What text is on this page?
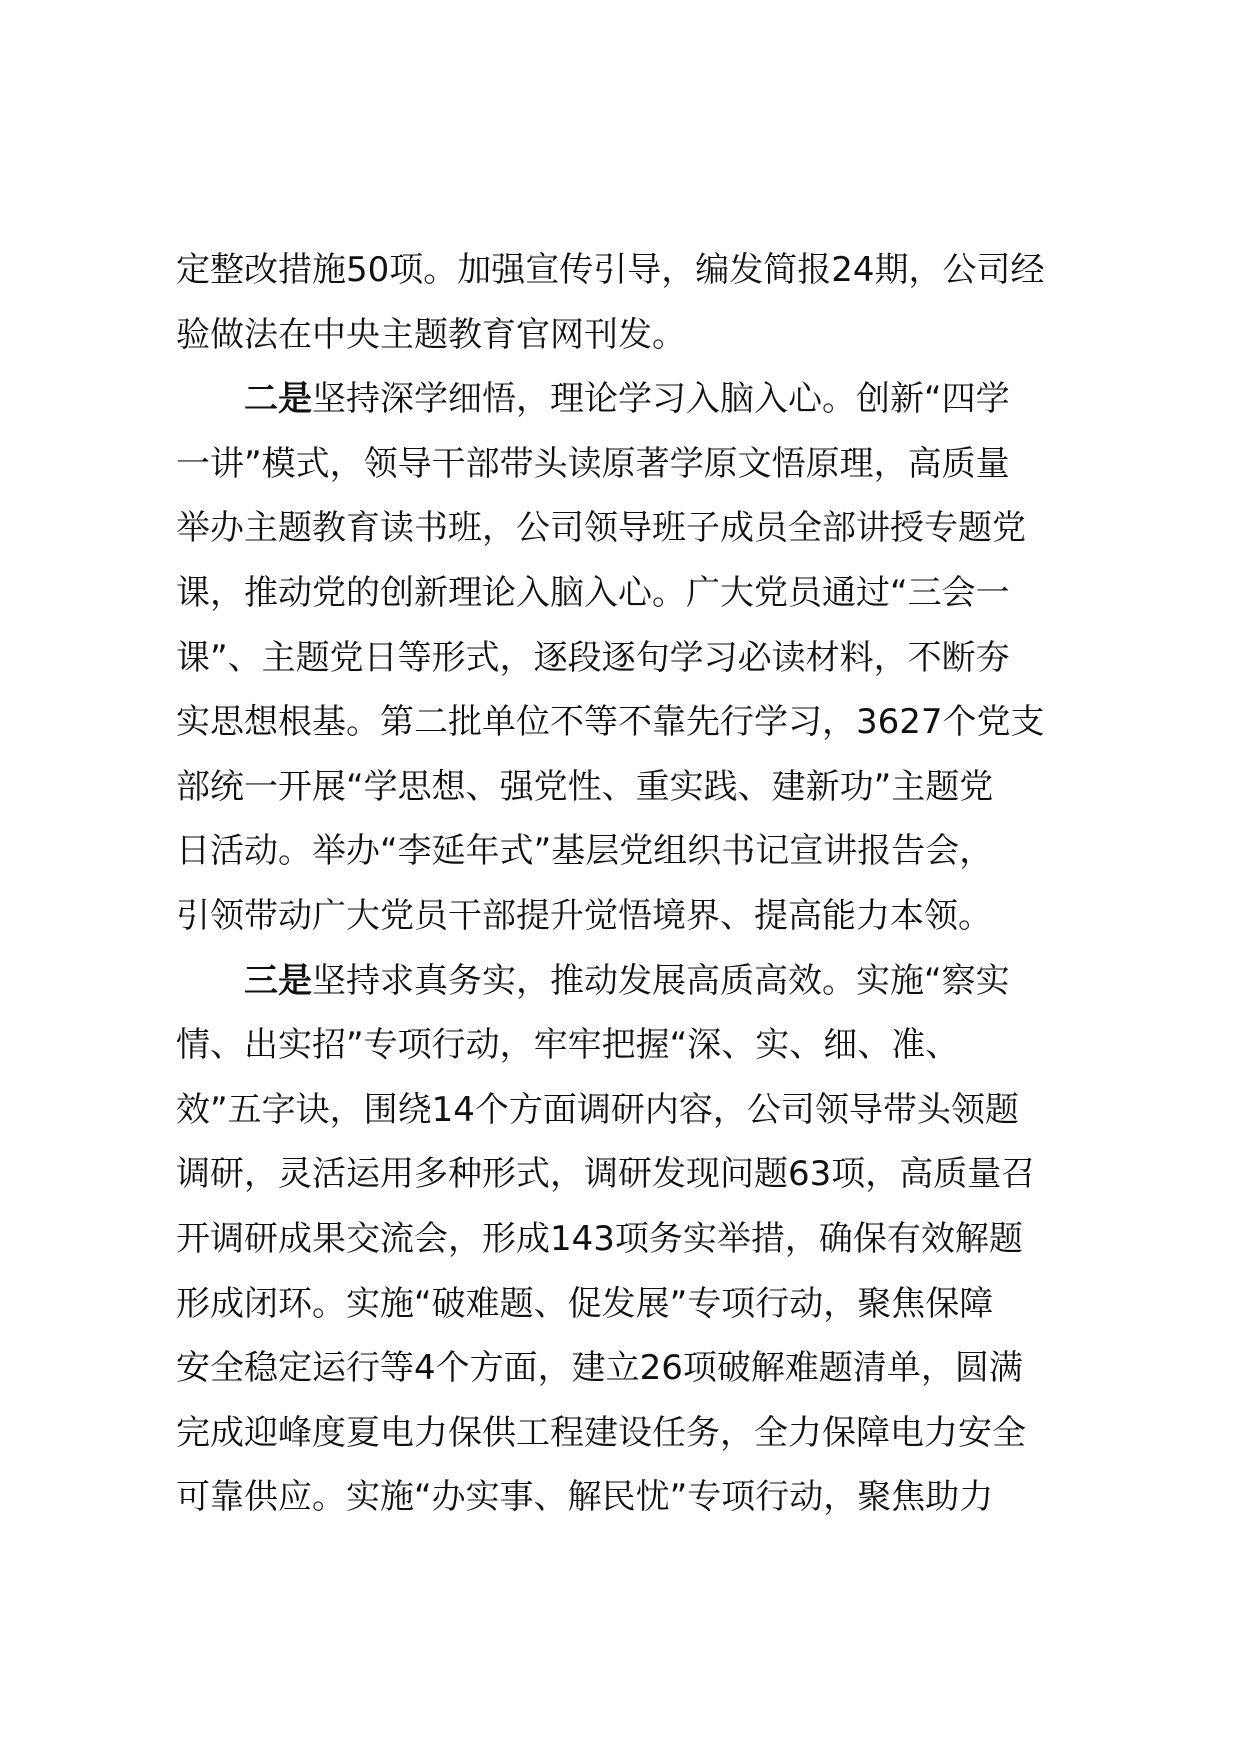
定整改措施50项。加强宣传引导，编发简报24期，公司经
验做法在中央主题教育官网刊发。
二是坚持深学细悟，理论学习入脑入心。创新“四学
一讲”模式，领导干部带头读原著学原文悟原理，高质量
举办主题教育读书班，公司领导班子成员全部讲授专题党
课，推动党的创新理论入脑入心。广大党员通过“三会一
课”、主题党日等形式，逐段逐句学习必读材料，不断夯
实思想根基。第二批单位不等不靠先行学习，3627个党支
部统一开展“学思想、强党性、重实践、建新功”主题党
日活动。举办“李延年式”基层党组织书记宣讲报告会，
引领带动广大党员干部提升觉悟境界、提高能力本领。
三是坚持求真务实，推动发展高质高效。实施“察实
情、出实招”专项行动，牢牢把握“深、实、细、准、
效”五字诀，围绕14个方面调研内容，公司领导带头领题
调研，灵活运用多种形式，调研发现问题63项，高质量召
开调研成果交流会，形成143项务实举措，确保有效解题
形成闭环。实施“破难题、促发展”专项行动，聚焦保障
安全稳定运行等4个方面，建立26项破解难题清单，圆满
完成迎峰度夏电力保供工程建设任务，全力保障电力安全
可靠供应。实施“办实事、解民忧”专项行动，聚焦助力
